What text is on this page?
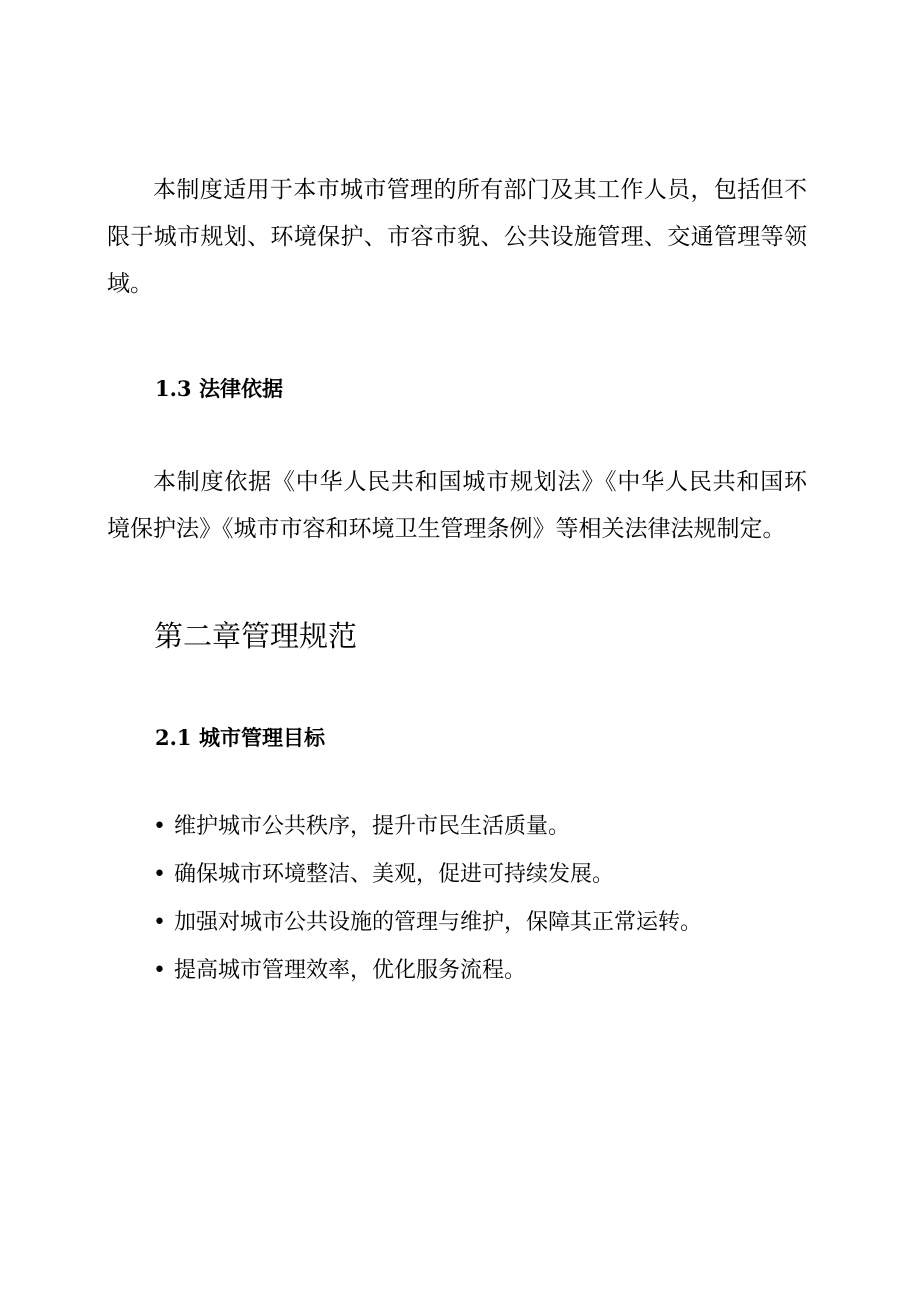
本制度适用于本市城市管理的所有部门及其工作人员，包括但不限于城市规划、环境保护、市容市貌、公共设施管理、交通管理等领域。

1.3 法律依据

本制度依据《中华人民共和国城市规划法》《中华人民共和国环境保护法》《城市市容和环境卫生管理条例》等相关法律法规制定。

第二章管理规范
2.1 城市管理目标
• 维护城市公共秩序，提升市民生活质量。
• 确保城市环境整洁、美观，促进可持续发展。
• 加强对城市公共设施的管理与维护，保障其正常运转。
• 提高城市管理效率，优化服务流程。
